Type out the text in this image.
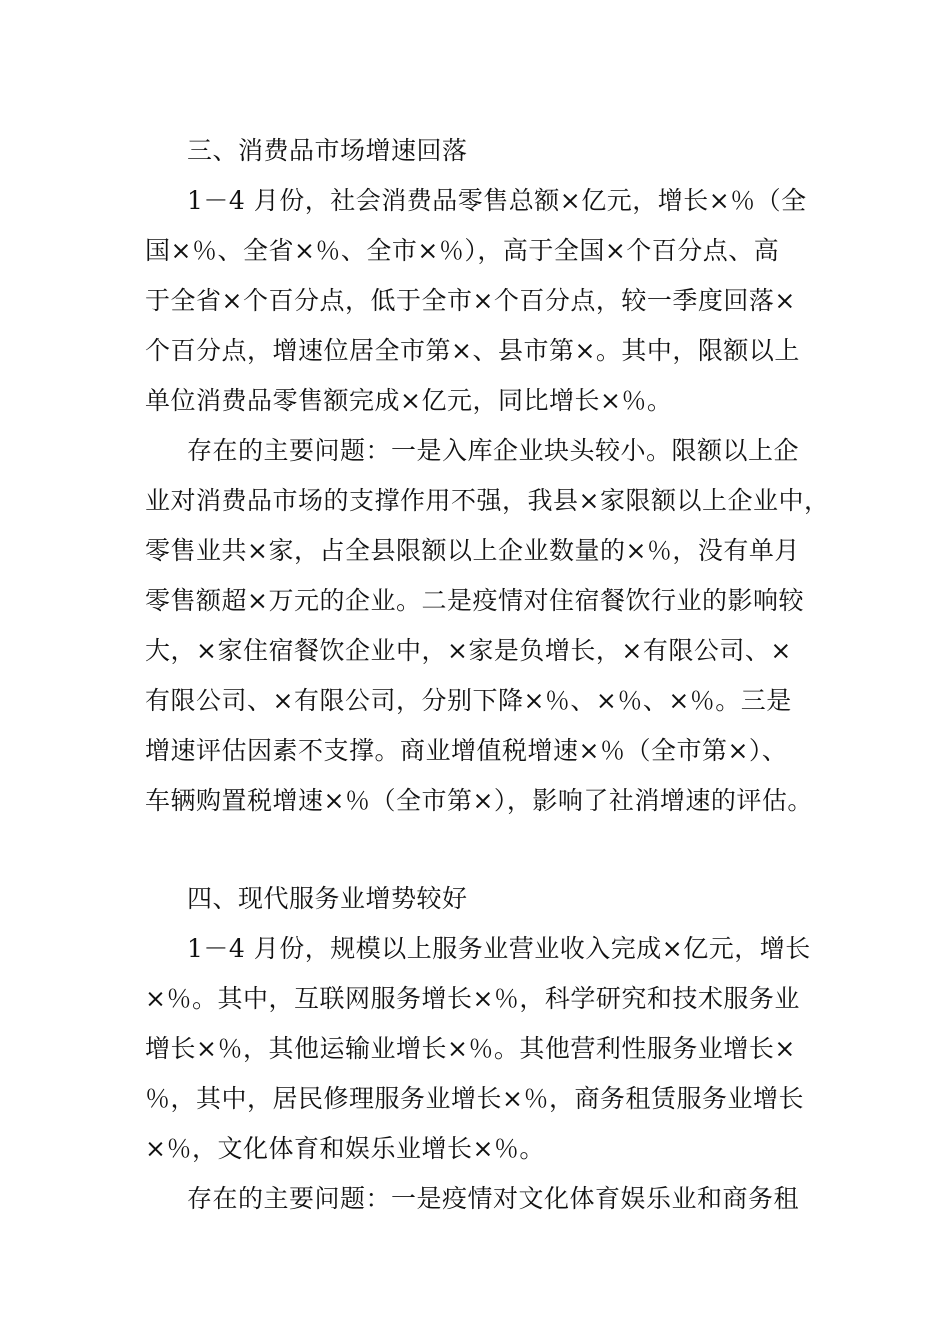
三、消费品市场增速回落
1－4 月份，社会消费品零售总额×亿元，增长×％（全
国×％、全省×％、全市×％），高于全国×个百分点、高
于全省×个百分点，低于全市×个百分点，较一季度回落×
个百分点，增速位居全市第×、县市第×。其中，限额以上
单位消费品零售额完成×亿元，同比增长×％。
存在的主要问题：一是入库企业块头较小。限额以上企
业对消费品市场的支撑作用不强，我县×家限额以上企业中，
零售业共×家，占全县限额以上企业数量的×％，没有单月
零售额超×万元的企业。二是疫情对住宿餐饮行业的影响较
大，×家住宿餐饮企业中，×家是负增长，×有限公司、×
有限公司、×有限公司，分别下降×％、×％、×％。三是
增速评估因素不支撑。商业增值税增速×％（全市第×）、
车辆购置税增速×％（全市第×），影响了社消增速的评估。
四、现代服务业增势较好
1－4 月份，规模以上服务业营业收入完成×亿元，增长
×％。其中，互联网服务增长×％，科学研究和技术服务业
增长×％，其他运输业增长×％。其他营利性服务业增长×
％，其中，居民修理服务业增长×％，商务租赁服务业增长
×％，文化体育和娱乐业增长×％。
存在的主要问题：一是疫情对文化体育娱乐业和商务租
